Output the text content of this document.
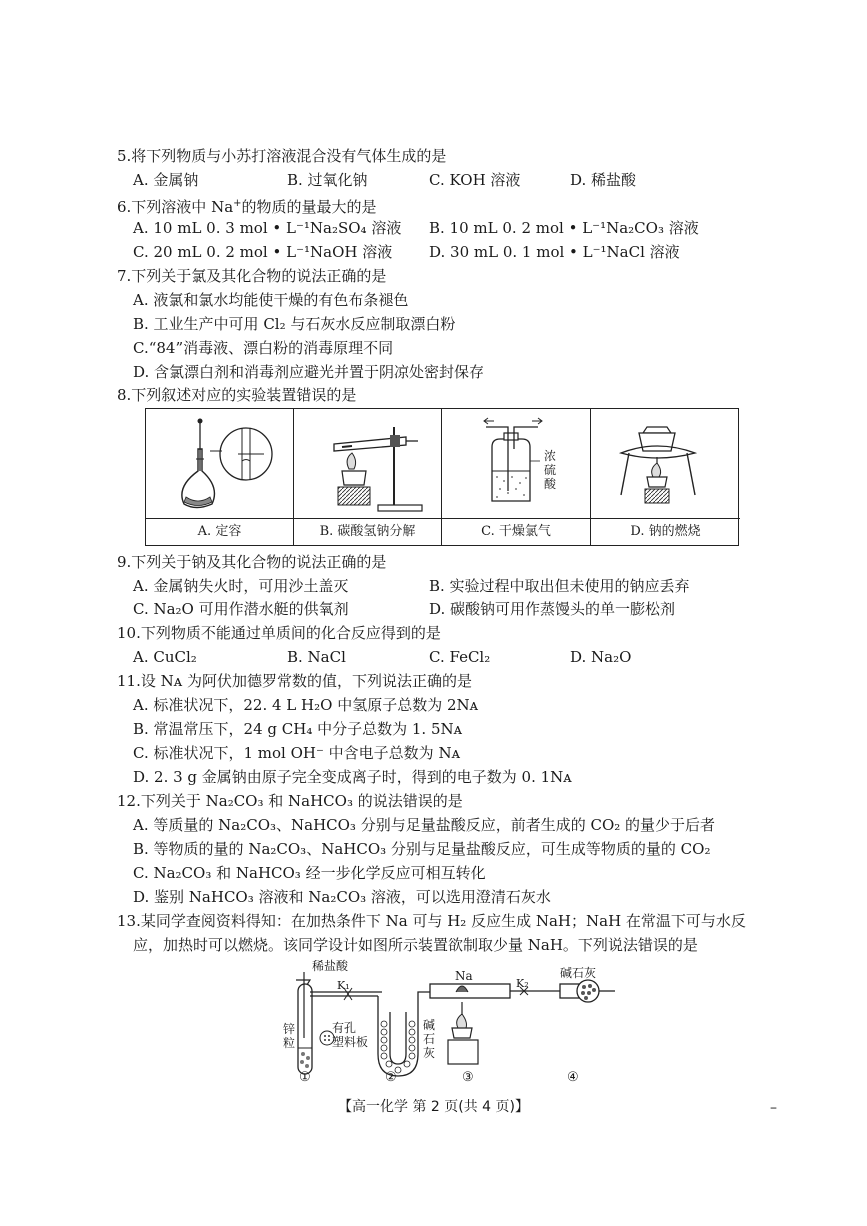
5.将下列物质与小苏打溶液混合没有气体生成的是
A. 金属钠	B. 过氧化钠	C. KOH 溶液	D. 稀盐酸
6.下列溶液中 Na+的物质的量最大的是
A. 10 mL 0. 3 mol • L⁻¹Na₂SO₄ 溶液 B. 10 mL 0. 2 mol • L⁻¹Na₂CO₃ 溶液
C. 20 mL 0. 2 mol • L⁻¹NaOH 溶液 D. 30 mL 0. 1 mol • L⁻¹NaCl 溶液
7.下列关于氯及其化合物的说法正确的是
A. 液氯和氯水均能使干燥的有色布条褪色
B. 工业生产中可用 Cl₂ 与石灰水反应制取漂白粉
C.“84”消毒液、漂白粉的消毒原理不同
D. 含氯漂白剂和消毒剂应避光并置于阴凉处密封保存
8.下列叙述对应的实验装置错误的是
A. 定容	B. 碳酸氢钠分解
浓
硫
酸
C. 干燥氯气	D. 钠的燃烧
9.下列关于钠及其化合物的说法正确的是
A. 金属钠失火时，可用沙土盖灭	B. 实验过程中取出但未使用的钠应丢弃
C. Na₂O 可用作潜水艇的供氧剂	D. 碳酸钠可用作蒸馒头的单一膨松剂
10.下列物质不能通过单质间的化合反应得到的是
A. CuCl₂	B. NaCl	C. FeCl₂	D. Na₂O
11.设 Nᴀ 为阿伏加德罗常数的值，下列说法正确的是
A. 标准状况下，22. 4 L H₂O 中氢原子总数为 2Nᴀ
B. 常温常压下，24 g CH₄ 中分子总数为 1. 5Nᴀ
C. 标准状况下，1 mol OH⁻ 中含电子总数为 Nᴀ
D. 2. 3 g 金属钠由原子完全变成离子时，得到的电子数为 0. 1Nᴀ
12.下列关于 Na₂CO₃ 和 NaHCO₃ 的说法错误的是
A. 等质量的 Na₂CO₃、NaHCO₃ 分别与足量盐酸反应，前者生成的 CO₂ 的量少于后者
B. 等物质的量的 Na₂CO₃、NaHCO₃ 分别与足量盐酸反应，可生成等物质的量的 CO₂
C. Na₂CO₃ 和 NaHCO₃ 经一步化学反应可相互转化
D. 鉴别 NaHCO₃ 溶液和 Na₂CO₃ 溶液，可以选用澄清石灰水
13.某同学查阅资料得知：在加热条件下 Na 可与 H₂ 反应生成 NaH；NaH 在常温下可与水反
应，加热时可以燃烧。该同学设计如图所示装置欲制取少量 NaH。下列说法错误的是
稀盐酸
K₁
锌
粒
有孔
塑料板
碱
石
灰
Na
K₂
碱石灰
①	②	③	④
【高一化学 第 2 页(共 4 页)】	–
